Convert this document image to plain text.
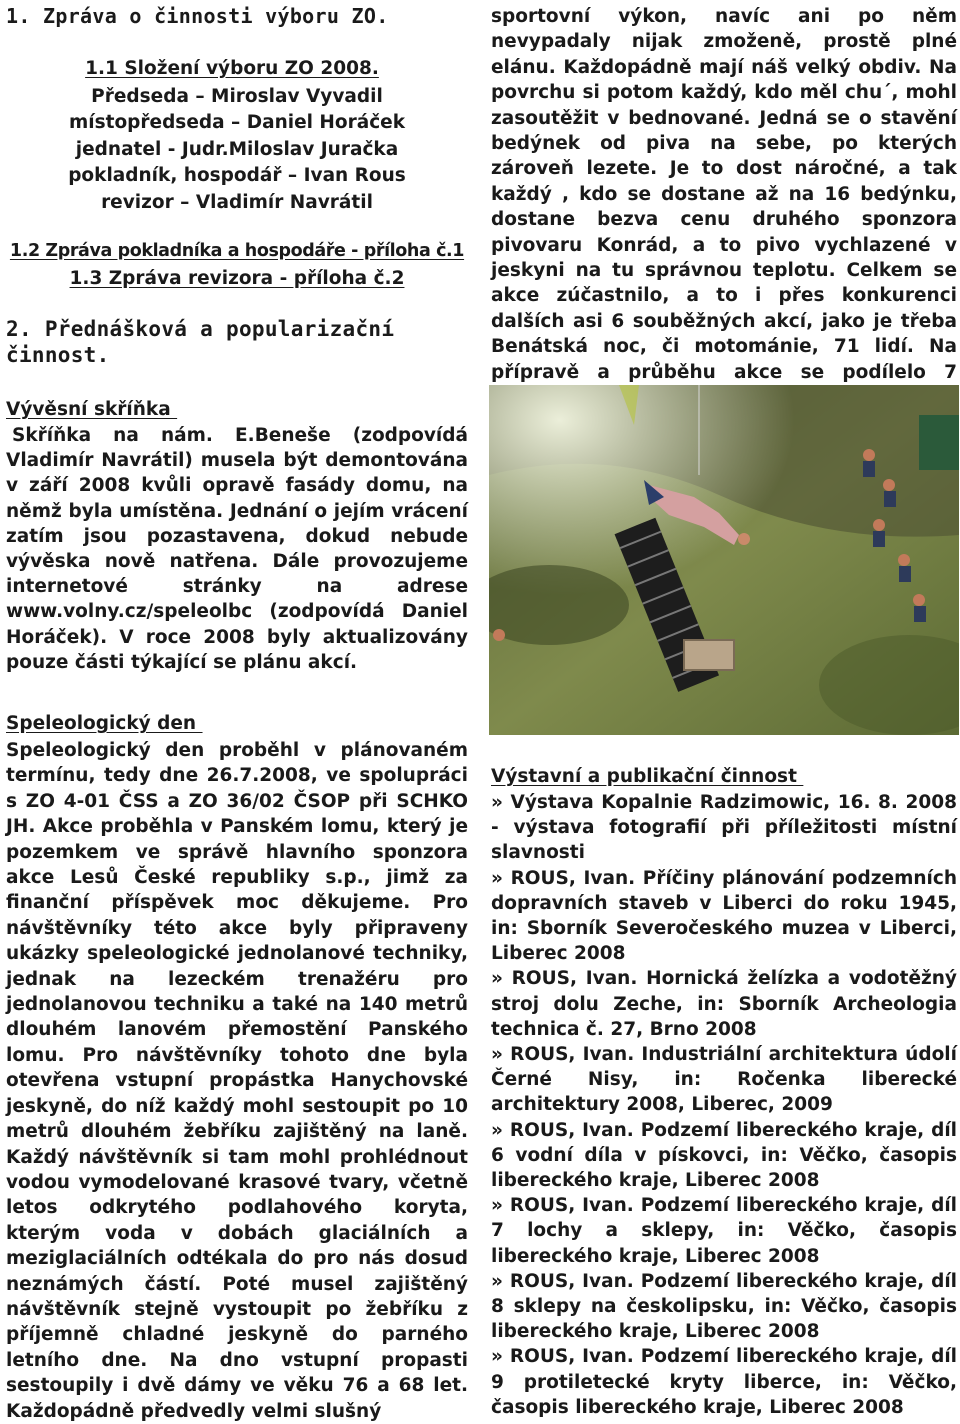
1. Zpráva o činnosti výboru ZO.
1.1 Složení výboru ZO 2008.
Předseda – Miroslav Vyvadil
místopředseda – Daniel Horáček
jednatel - Judr.Miloslav Juračka
pokladník, hospodář – Ivan Rous
revizor – Vladimír Navrátil
1.2 Zpráva pokladníka a hospodáře - příloha č.1
1.3 Zpráva revizora - příloha č.2
2. Přednášková a popularizační
činnost.

Vývěsní skříňka

Skříňka na nám. E.Beneše (zodpovídá Vladimír Navrátil) musela být demontována v září 2008 kvůli opravě fasády domu, na němž byla umístěna. Jednání o jejím vrácení zatím jsou pozastavena, dokud nebude vývěska nově natřena. Dále provozujeme internetové stránky na adrese www.volny.cz/speleolbc (zodpovídá Daniel Horáček). V roce 2008 byly aktualizovány pouze části týkající se plánu akcí.

Speleologický den

Speleologický den proběhl v plánovaném termínu, tedy dne 26.7.2008, ve spolupráci s ZO 4-01 ČSS a ZO 36/02 ČSOP při SCHKO JH. Akce proběhla v Panském lomu, který je pozemkem ve správě hlavního sponzora akce Lesů České republiky s.p., jimž za finanční příspěvek moc děkujeme. Pro návštěvníky této akce byly připraveny ukázky speleologické jednolanové techniky, jednak na lezeckém trenažéru pro jednolanovou techniku a také na 140 metrů dlouhém lanovém přemostění Panského lomu. Pro návštěvníky tohoto dne byla otevřena vstupní propástka Hanychovské jeskyně, do níž každý mohl sestoupit po 10 metrů dlouhém žebříku zajištěný na laně. Každý návštěvník si tam mohl prohlédnout vodou vymodelované krasové tvary, včetně letos odkrytého podlahového koryta, kterým voda v dobách glaciálních a meziglaciálních odtékala do pro nás dosud neznámých částí. Poté musel zajištěný návštěvník stejně vystoupit po žebříku z příjemně chladné jeskyně do parného letního dne. Na dno vstupní propasti sestoupily i dvě dámy ve věku 76 a 68 let. Každopádně předvedly velmi slušný

sportovní výkon, navíc ani po něm nevypadaly nijak zmoženě, prostě plné elánu. Každopádně mají náš velký obdiv. Na povrchu si potom každý, kdo měl chu´, mohl zasoutěžit v bednované. Jedná se o stavění bedýnek od piva na sebe, po kterých zároveň lezete. Je to dost náročné, a tak každý , kdo se dostane až na 16 bedýnku, dostane bezva cenu druhého sponzora pivovaru Konrád, a to pivo vychlazené v jeskyni na tu správnou teplotu. Celkem se akce zúčastnilo, a to i přes konkurenci dalších asi 6 souběžných akcí, jako je třeba Benátská noc, či motománie, 71 lidí. Na přípravě a průběhu akce se podílelo 7

Výstavní a publikační činnost

» Výstava Kopalnie Radzimowic, 16. 8. 2008 - výstava fotografií při příležitosti místní slavnosti

» ROUS, Ivan. Příčiny plánování podzemních dopravních staveb v Liberci do roku 1945, in: Sborník Severočeského muzea v Liberci, Liberec 2008

» ROUS, Ivan. Hornická želízka a vodotěžný stroj dolu Zeche, in: Sborník Archeologia technica č. 27, Brno 2008

» ROUS, Ivan. Industriální architektura údolí Černé Nisy, in: Ročenka liberecké architektury 2008, Liberec, 2009

» ROUS, Ivan. Podzemí libereckého kraje, díl 6 vodní díla v pískovci, in: Věčko, časopis libereckého kraje, Liberec 2008

» ROUS, Ivan. Podzemí libereckého kraje, díl 7 lochy a sklepy, in: Věčko, časopis libereckého kraje, Liberec 2008

» ROUS, Ivan. Podzemí libereckého kraje, díl 8 sklepy na českolipsku, in: Věčko, časopis libereckého kraje, Liberec 2008

» ROUS, Ivan. Podzemí libereckého kraje, díl 9 protiletecké kryty liberce, in: Věčko, časopis libereckého kraje, Liberec 2008
